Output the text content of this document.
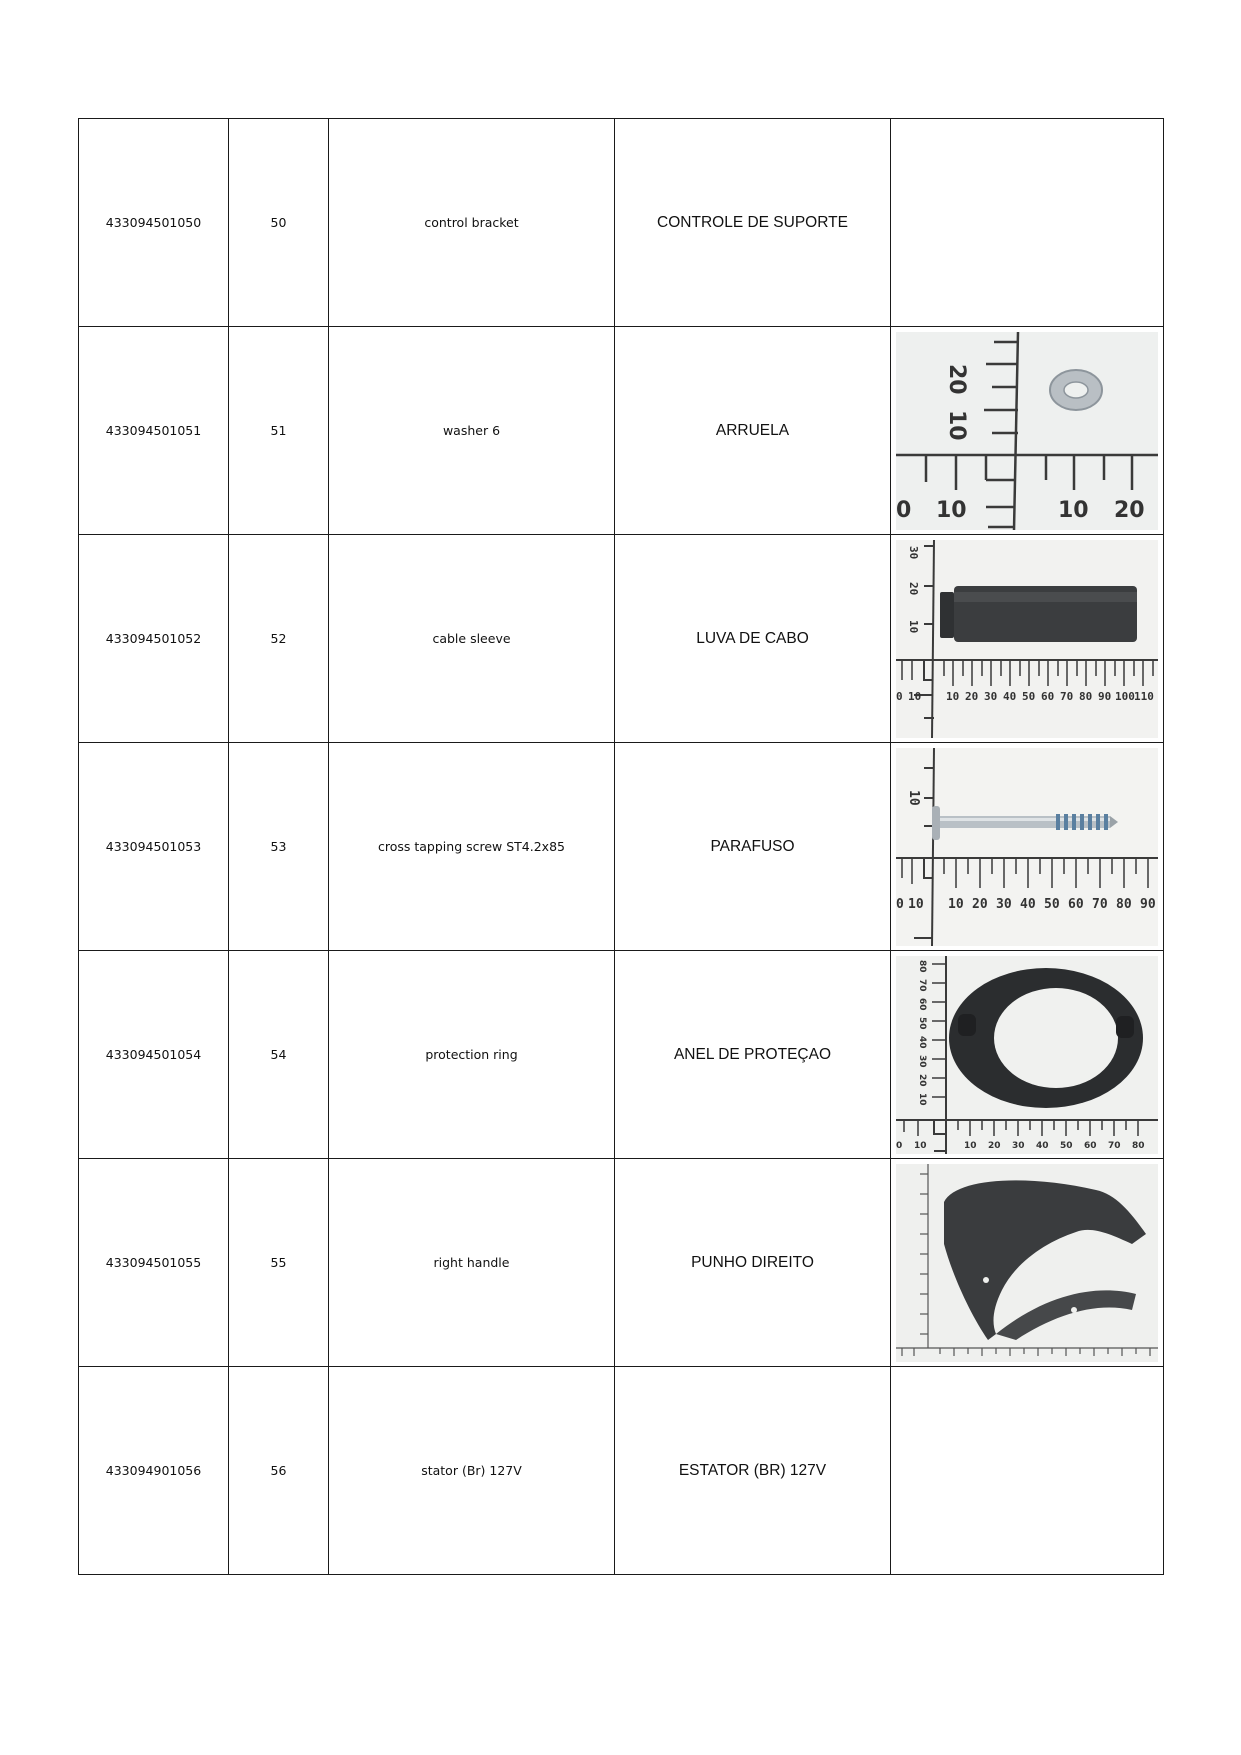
433094501050	50	control bracket	CONTROLE DE SUPORTE	
433094501051	51	washer 6	ARRUELA	
20
10
0 10	10 20

433094501052	52	cable sleeve	LUVA DE CABO	
30
20
10
0 10 10 20 30 40 50 60 70 80 90 100 110

433094501053	53	cross tapping screw ST4.2x85	PARAFUSO	
10
0 10 10 20 30 40 50 60 70 80 90

433094501054	54	protection ring	ANEL DE PROTEÇAO	
80
70
60
50
40
30
20
10
0 10	10 20 30 40 50 60 70 80

433094501055	55	right handle	PUNHO DIREITO	

433094901056	56	stator (Br) 127V	ESTATOR (BR) 127V	
